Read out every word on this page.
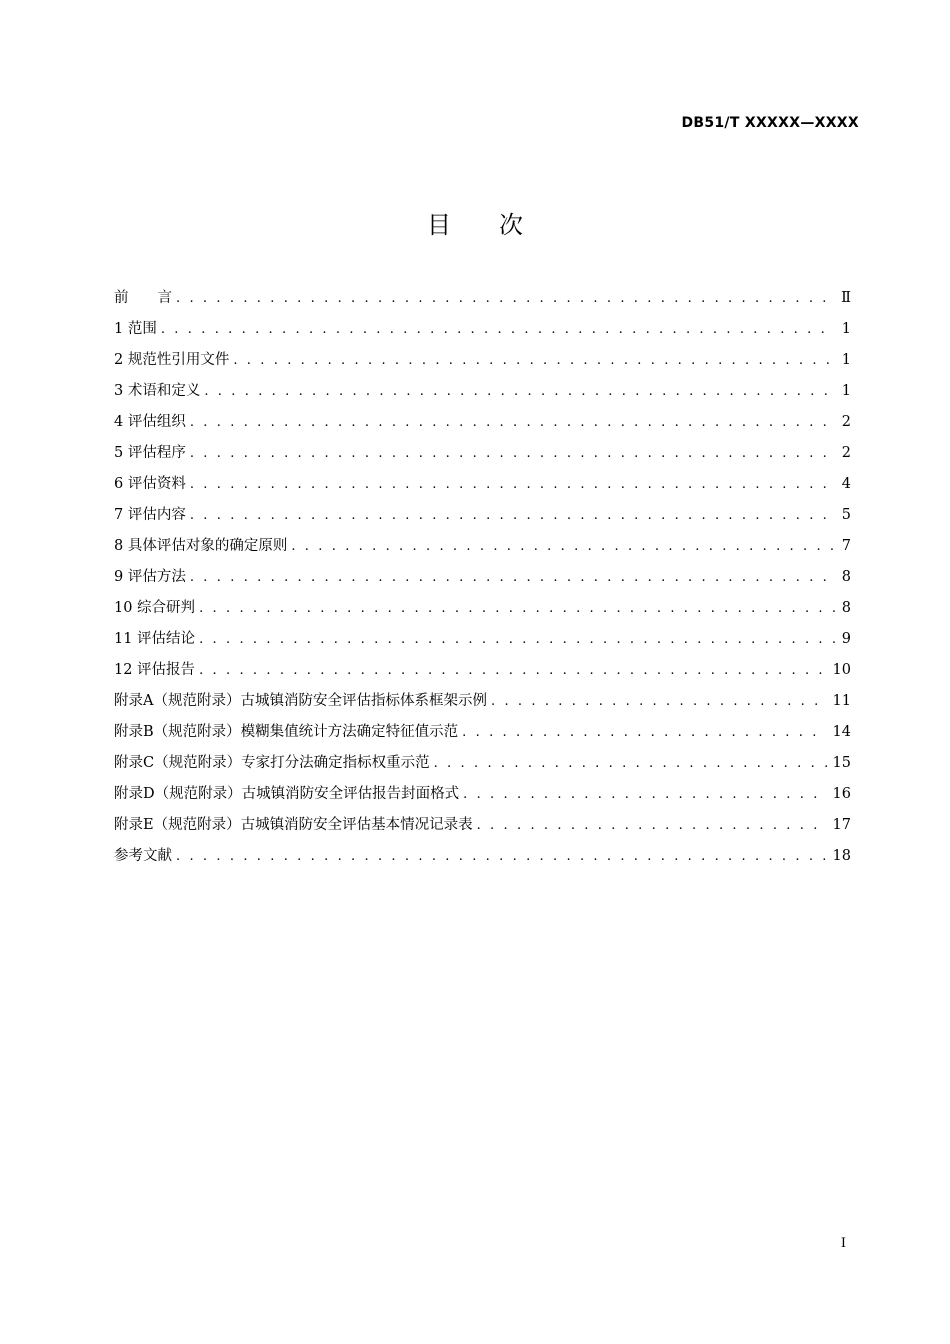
DB51/T XXXXX—XXXX
目次
前　　言 . . .	Ⅱ
1 范围 . . .	1
2 规范性引用文件 . . .	1
3 术语和定义 . . .	1
4 评估组织 . . .	2
5 评估程序 . . .	2
6 评估资料 . . .	4
7 评估内容 . . .	5
8 具体评估对象的确定原则 . . .	7
9 评估方法 . . .	8
10 综合研判 . . .	8
11 评估结论 . . .	9
12 评估报告 . . .	10
附录A（规范附录）古城镇消防安全评估指标体系框架示例 . . .	11
附录B（规范附录）模糊集值统计方法确定特征值示范 . . .	14
附录C（规范附录）专家打分法确定指标权重示范 . . .	15
附录D（规范附录）古城镇消防安全评估报告封面格式 . . .	16
附录E（规范附录）古城镇消防安全评估基本情况记录表 . . .	17
参考文献 . . .	18
I
